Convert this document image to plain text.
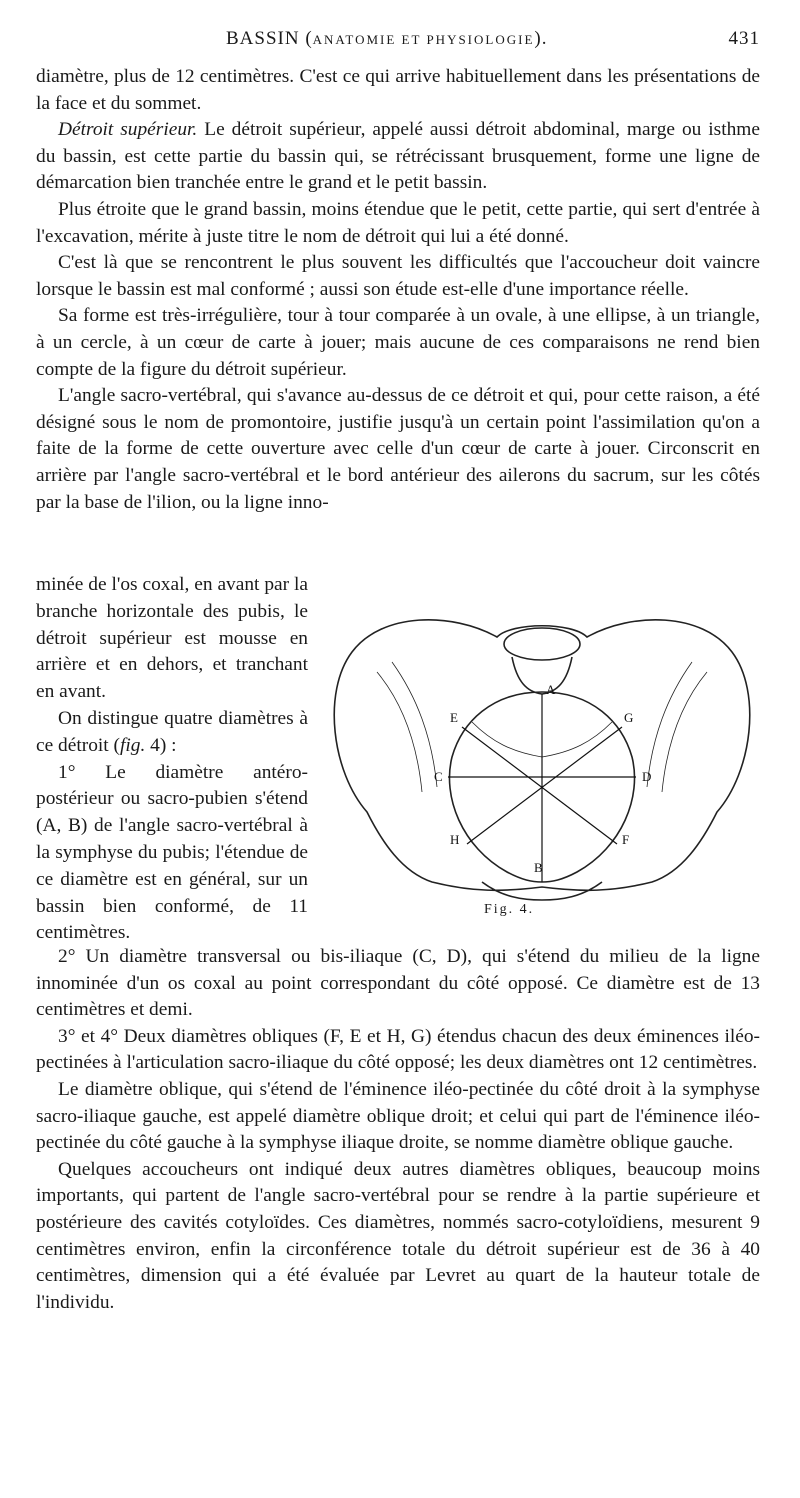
BASSIN (ANATOMIE ET PHYSIOLOGIE).	431

diamètre, plus de 12 centimètres. C'est ce qui arrive habituellement dans les présentations de la face et du sommet.

Détroit supérieur. Le détroit supérieur, appelé aussi détroit abdominal, marge ou isthme du bassin, est cette partie du bassin qui, se rétrécissant brusquement, forme une ligne de démarcation bien tranchée entre le grand et le petit bassin.

Plus étroite que le grand bassin, moins étendue que le petit, cette partie, qui sert d'entrée à l'excavation, mérite à juste titre le nom de détroit qui lui a été donné.

C'est là que se rencontrent le plus souvent les difficultés que l'accoucheur doit vaincre lorsque le bassin est mal conformé ; aussi son étude est-elle d'une importance réelle.

Sa forme est très-irrégulière, tour à tour comparée à un ovale, à une ellipse, à un triangle, à un cercle, à un cœur de carte à jouer; mais aucune de ces comparaisons ne rend bien compte de la figure du détroit supérieur.

L'angle sacro-vertébral, qui s'avance au-dessus de ce détroit et qui, pour cette raison, a été désigné sous le nom de promontoire, justifie jusqu'à un certain point l'assimilation qu'on a faite de la forme de cette ouverture avec celle d'un cœur de carte à jouer. Circonscrit en arrière par l'angle sacro-vertébral et le bord antérieur des ailerons du sacrum, sur les côtés par la base de l'ilion, ou la ligne inno-

minée de l'os coxal, en avant par la branche horizontale des pubis, le détroit supérieur est mousse en arrière et en dehors, et tranchant en avant.

On distingue quatre diamètres à ce détroit (fig. 4) :

1° Le diamètre antéro-postérieur ou sacro-pubien s'étend (A, B) de l'angle sacro-vertébral à la symphyse du pubis; l'étendue de ce diamètre est en général, sur un bassin bien conformé, de 11 centimètres.

A
B
C	D
E
F
G
H
Fig. 4.

2° Un diamètre transversal ou bis-iliaque (C, D), qui s'étend du milieu de la ligne innominée d'un os coxal au point correspondant du côté opposé. Ce diamètre est de 13 centimètres et demi.

3° et 4° Deux diamètres obliques (F, E et H, G) étendus chacun des deux éminences iléo-pectinées à l'articulation sacro-iliaque du côté opposé; les deux diamètres ont 12 centimètres.

Le diamètre oblique, qui s'étend de l'éminence iléo-pectinée du côté droit à la symphyse sacro-iliaque gauche, est appelé diamètre oblique droit; et celui qui part de l'éminence iléo-pectinée du côté gauche à la symphyse iliaque droite, se nomme diamètre oblique gauche.

Quelques accoucheurs ont indiqué deux autres diamètres obliques, beaucoup moins importants, qui partent de l'angle sacro-vertébral pour se rendre à la partie supérieure et postérieure des cavités cotyloïdes. Ces diamètres, nommés sacro-cotyloïdiens, mesurent 9 centimètres environ, enfin la circonférence totale du détroit supérieur est de 36 à 40 centimètres, dimension qui a été évaluée par Levret au quart de la hauteur totale de l'individu.
